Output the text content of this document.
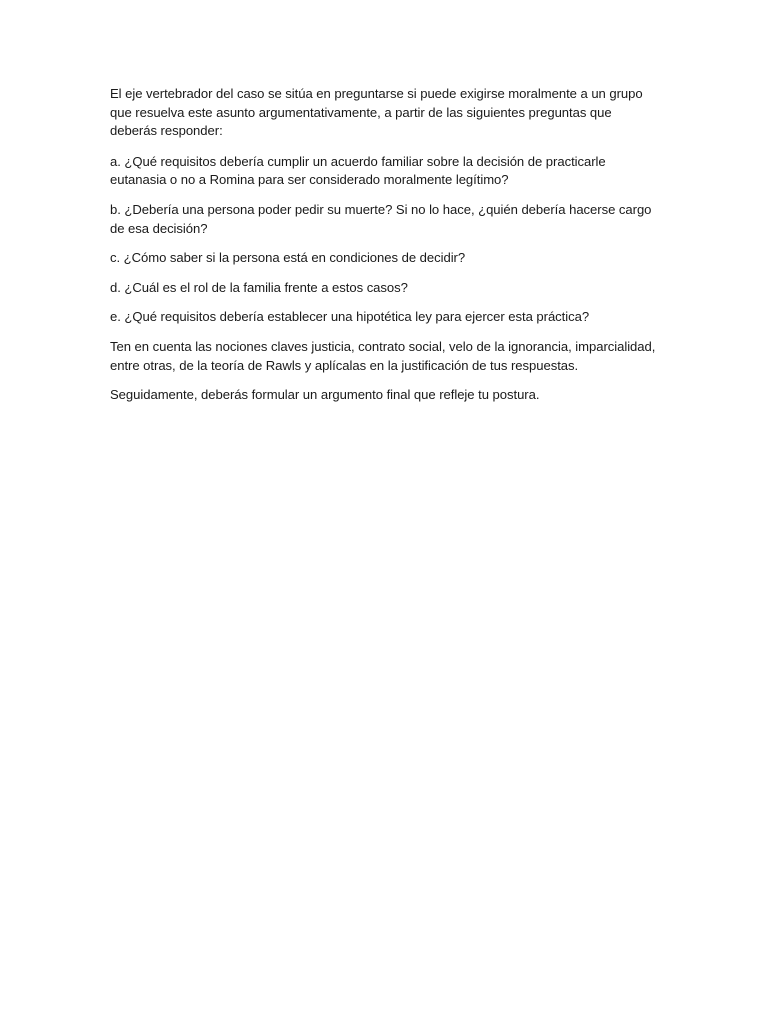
El eje vertebrador del caso se sitúa en preguntarse si puede exigirse moralmente a un grupo
que resuelva este asunto argumentativamente, a partir de las siguientes preguntas que
deberás responder:

a. ¿Qué requisitos debería cumplir un acuerdo familiar sobre la decisión de practicarle
eutanasia o no a Romina para ser considerado moralmente legítimo?

b. ¿Debería una persona poder pedir su muerte? Si no lo hace, ¿quién debería hacerse cargo
de esa decisión?

c. ¿Cómo saber si la persona está en condiciones de decidir?

d. ¿Cuál es el rol de la familia frente a estos casos?

e. ¿Qué requisitos debería establecer una hipotética ley para ejercer esta práctica?

Ten en cuenta las nociones claves justicia, contrato social, velo de la ignorancia, imparcialidad,
entre otras, de la teoría de Rawls y aplícalas en la justificación de tus respuestas.

Seguidamente, deberás formular un argumento final que refleje tu postura.
